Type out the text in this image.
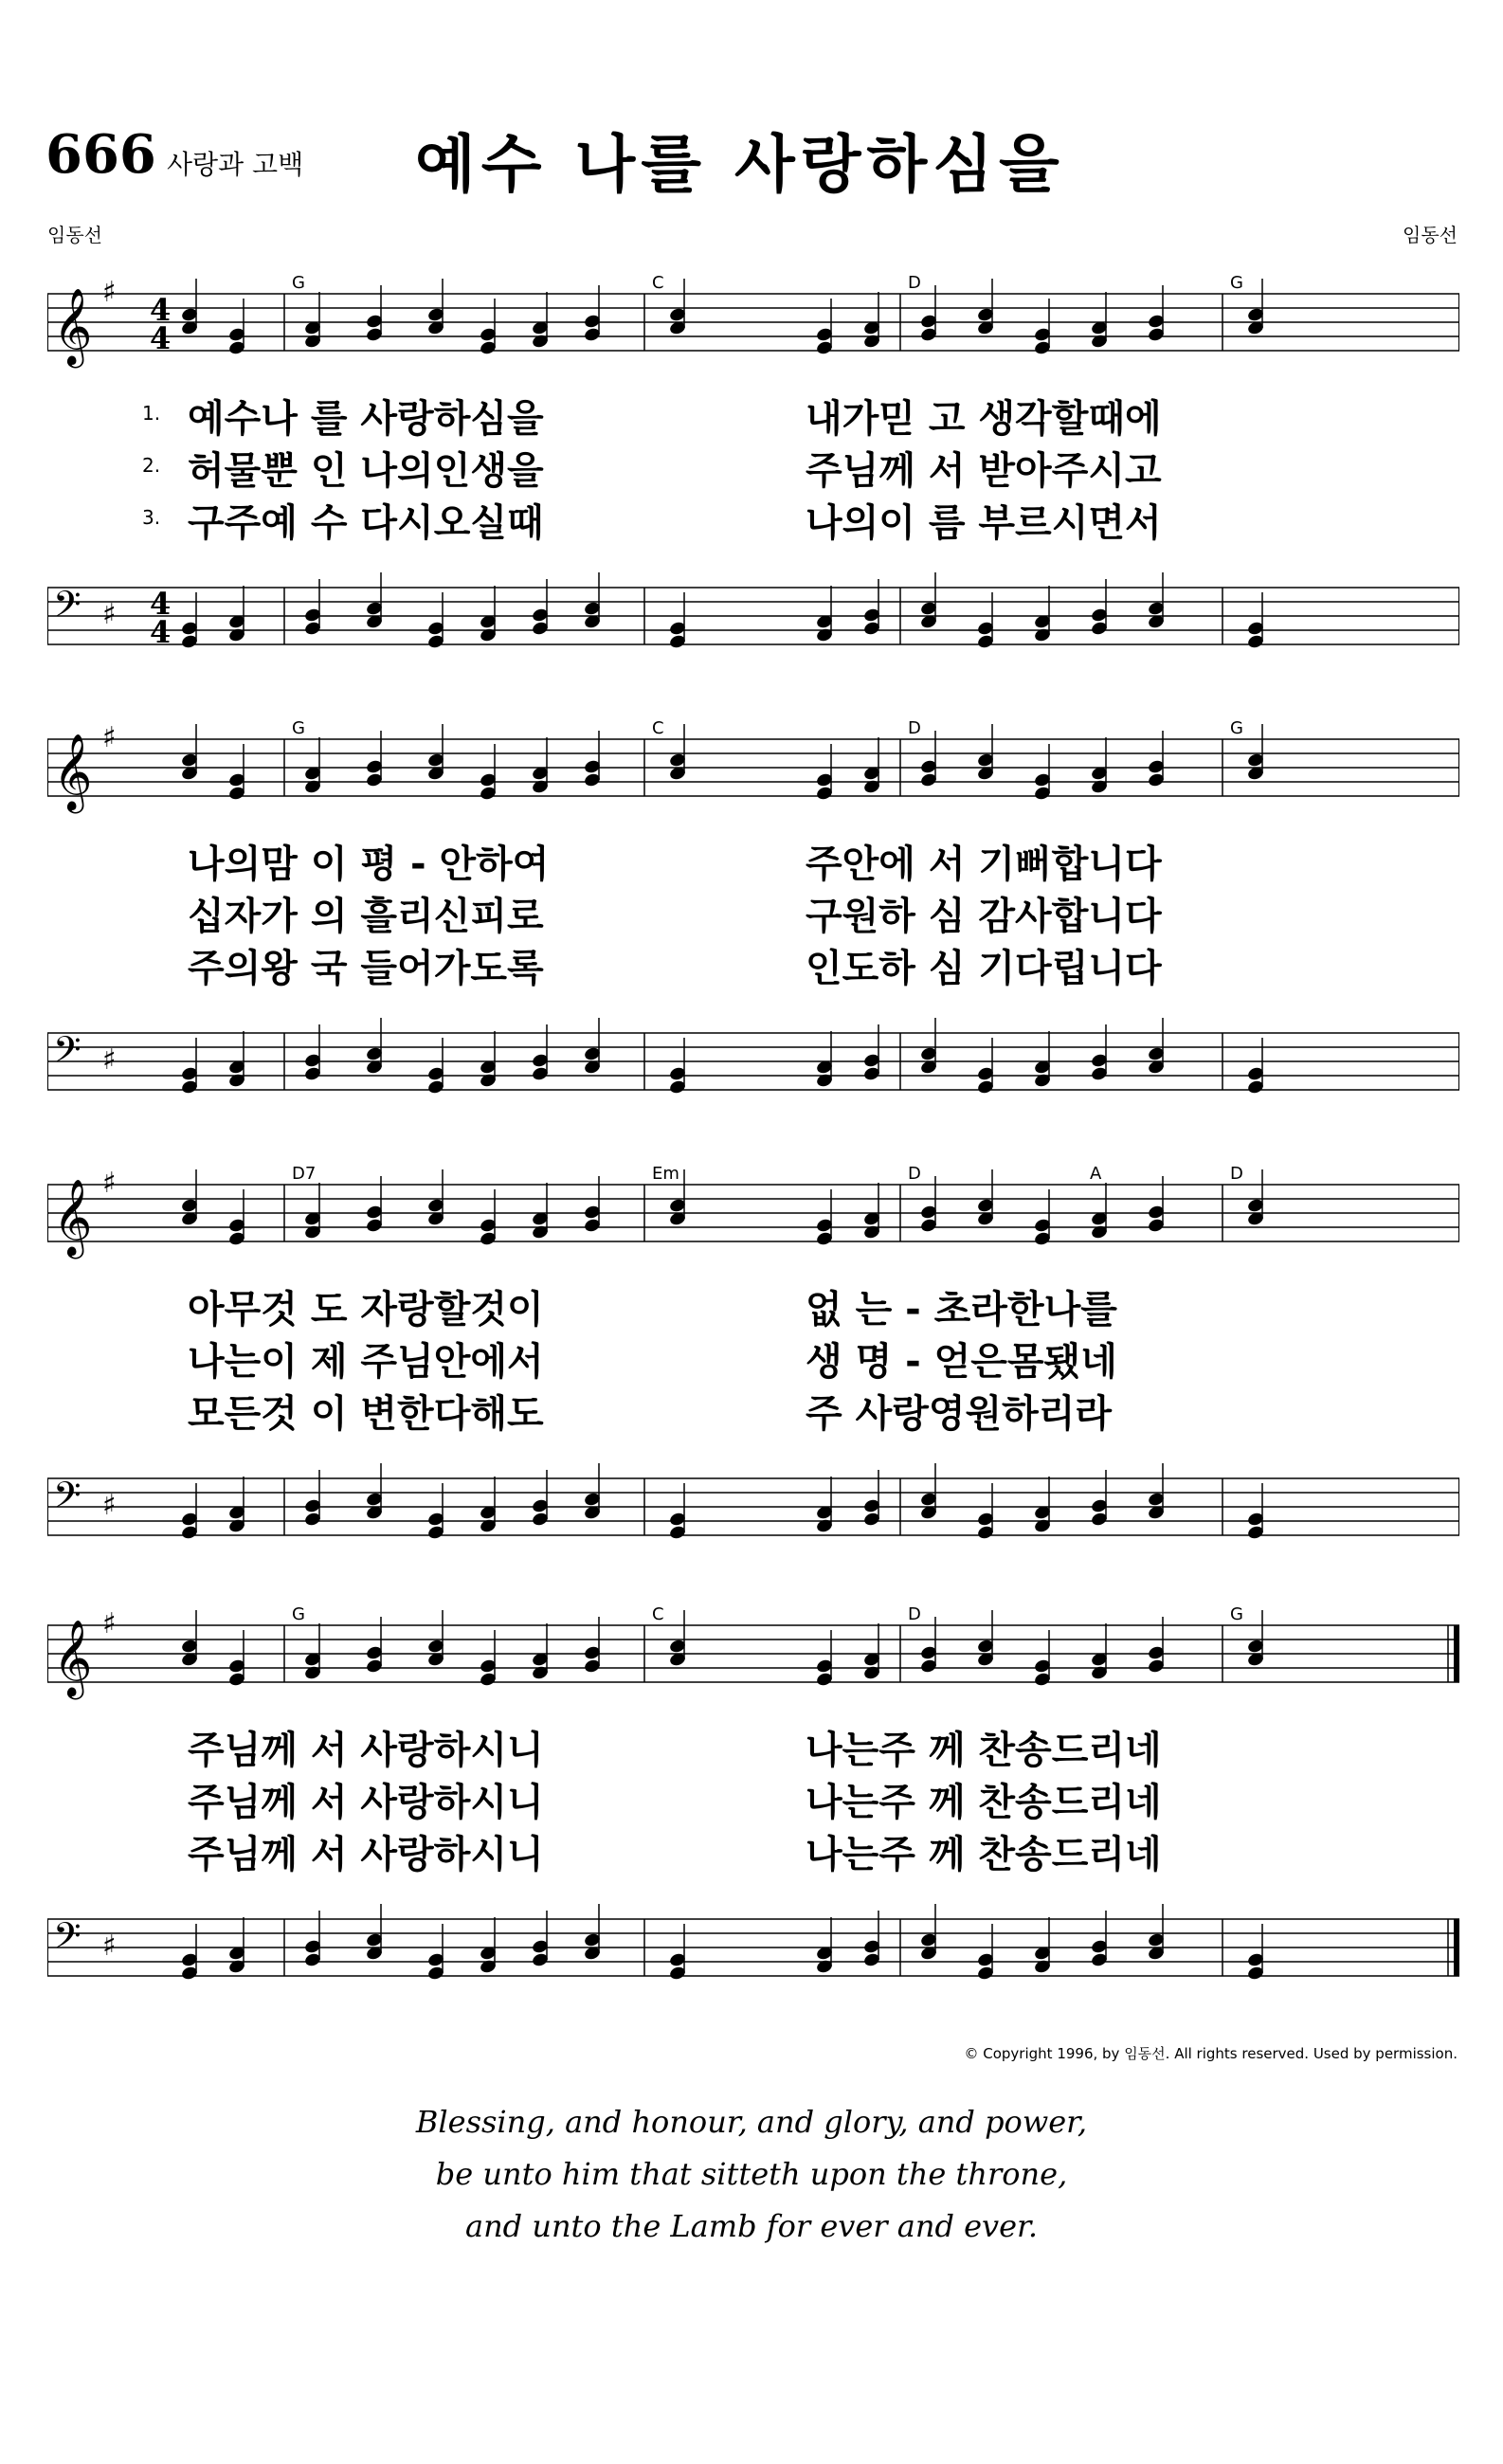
666 사랑과 고백 예수 나를 사랑하심을
임동선	임동선
𝄞 ♯
𝄢 ♯
4
4
4
4
G	C	D	G
1. 예수나 를 사랑하심을	내가믿 고 생각할때에
2. 허물뿐 인 나의인생을	주님께 서 받아주시고
3. 구주예 수 다시오실때	나의이 름 부르시면서
𝄞 ♯
𝄢 ♯
G	C	D	G
나의맘 이 평 - 안하여	주안에 서 기뻐합니다
십자가 의 흘리신피로	구원하 심 감사합니다
주의왕 국 들어가도록	인도하 심 기다립니다
𝄞 ♯
𝄢 ♯
D7	Em	D	A	D
아무것 도 자랑할것이	없 는 - 초라한나를
나는이 제 주님안에서	생 명 - 얻은몸됐네
모든것 이 변한다해도	주 사랑영원하리라
𝄞 ♯
𝄢 ♯
G	C	D	G
주님께 서 사랑하시니	나는주 께 찬송드리네
주님께 서 사랑하시니	나는주 께 찬송드리네
주님께 서 사랑하시니	나는주 께 찬송드리네
© Copyright 1996, by 임동선. All rights reserved. Used by permission.
Blessing, and honour, and glory, and power,
be unto him that sitteth upon the throne,
and unto the Lamb for ever and ever.
